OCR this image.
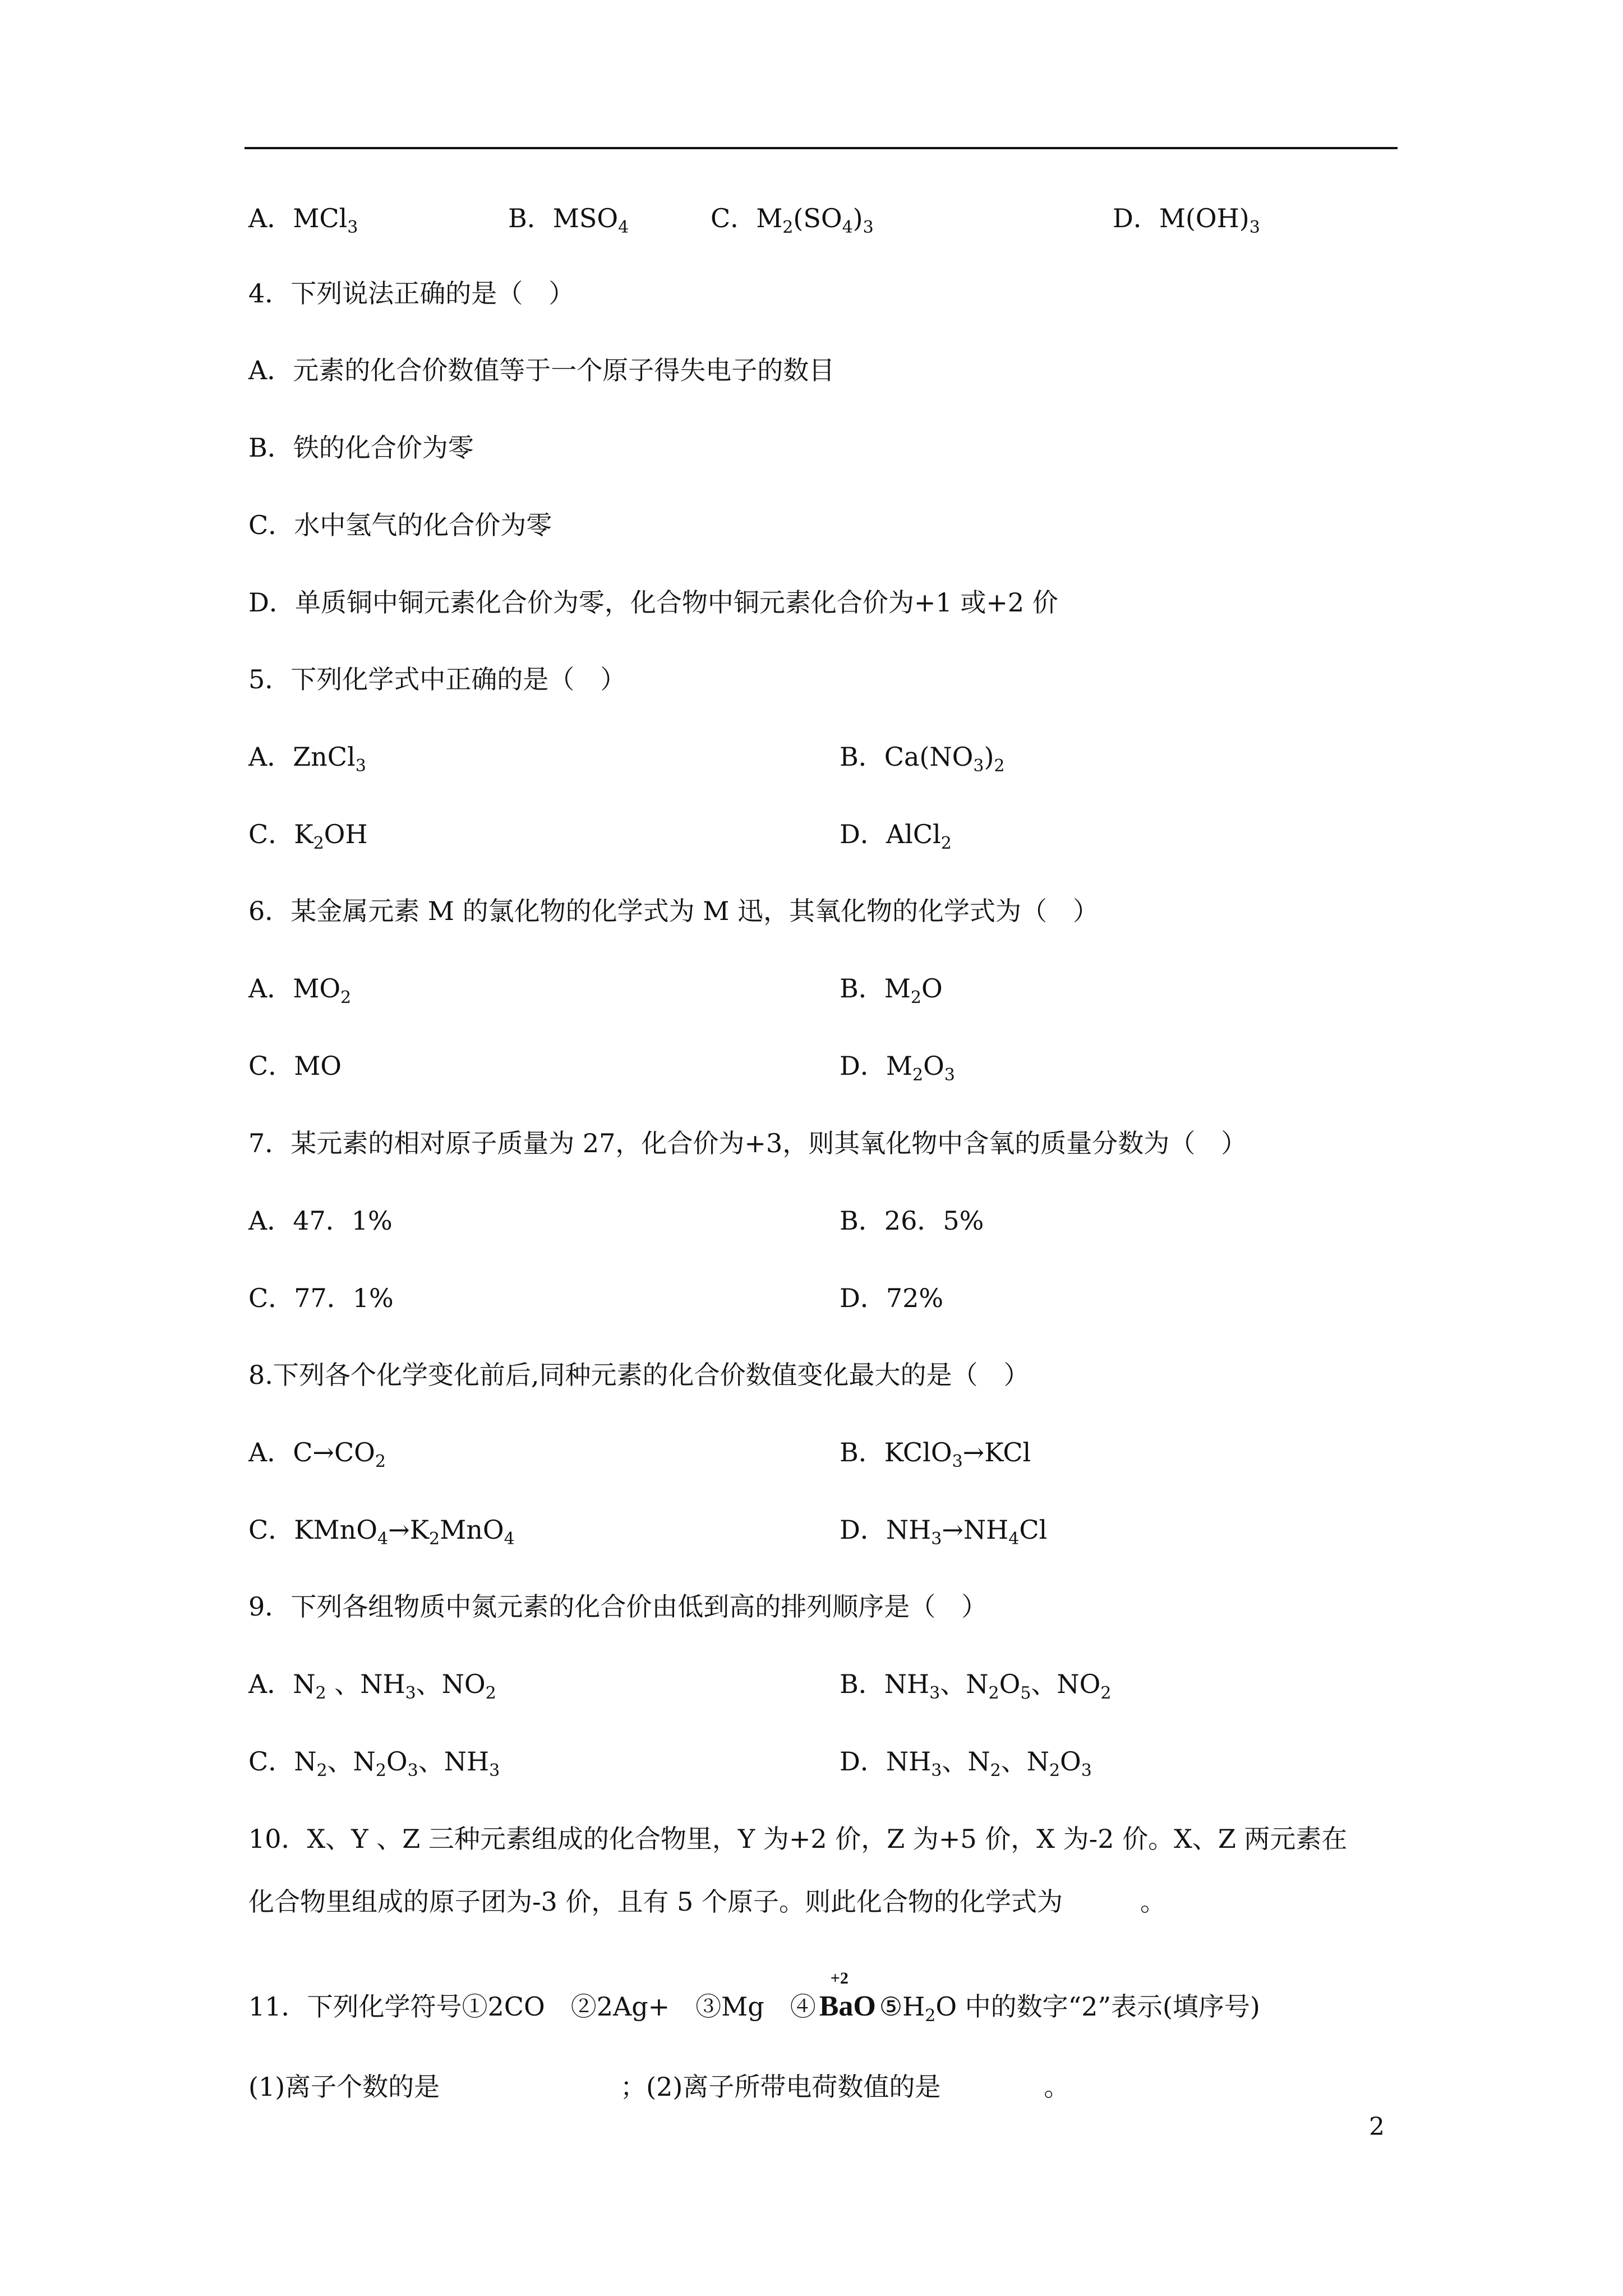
A．MCl$_3$	B．$MSO_4$	C．$M_2(SO_4)_3$	D．$M(OH)_3$
4．下列说法正确的是（　）
A．元素的化合价数值等于一个原子得失电子的数目
B．铁的化合价为零
C．水中氢气的化合价为零
D．单质铜中铜元素化合价为零，化合物中铜元素化合价为+1 或+2 价
5．下列化学式中正确的是（　）
A．ZnCl$_3$	B．$Ca(NO_3)_2$
C．$K_2OH$	D．AlCl$_2$
6．某金属元素 M 的氯化物的化学式为 M 迅，其氧化物的化学式为（　）
A．$MO_2$	B．$M_2O$
C．MO	D．$M_2O_3$
7．某元素的相对原子质量为 27，化合价为+3，则其氧化物中含氧的质量分数为（　）
A．47．1%	B．26．5%
C．77．1%	D．72%
8.下列各个化学变化前后,同种元素的化合价数值变化最大的是（　）
A．$C\to CO_2$	B．KClO$_3$→KCl
C．$KMnO_4\to K_2MnO_4$	D．$NH_3\to NH_4Cl$
9．下列各组物质中氮元素的化合价由低到高的排列顺序是（　）
A．$N_2$ 、$NH_3$、$NO_2$	B．$NH_3$、$N_2O_5$、$NO_2$
C．$N_2$、$N_2O_3$、$NH_3$	D．$NH_3$、$N_2$、$N_2O_3$
10．X、Y 、Z 三种元素组成的化合物里，Y 为+2 价，Z 为+5 价，X 为-2 价。X、Z 两元素在
化合物里组成的原子团为-3 价，且有 5 个原子。则此化合物的化学式为　　　。
11．下列化学符号①2CO　②2Ag+　③Mg　④
+2
BaO $⑤H_2O$ 中的数字“2”表示(填序号)
(1)离子个数的是　　　　　　　；(2)离子所带电荷数值的是　　　　。
2
